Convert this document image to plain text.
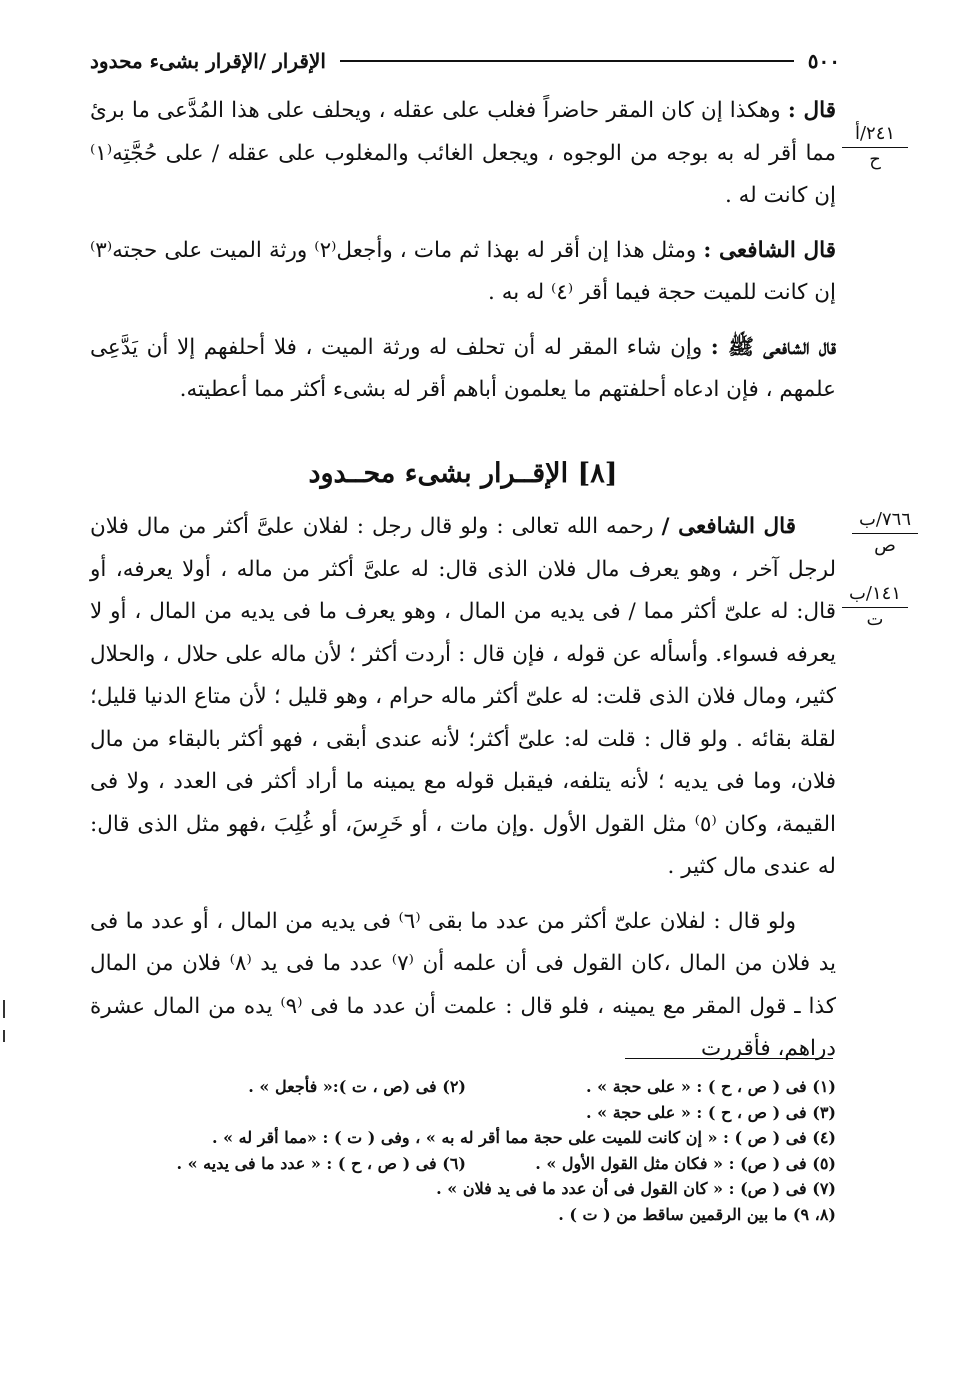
٥٠٠
الإقرار /الإقرار بشىء محدود
٢٤١/أ
ح
٧٦٦/ب
ص
١٤١/ب
ت

قال : وهكذا إن كان المقر حاضراً فغلب على عقله ، ويحلف على هذا المُدَّعى ما برئ مما أقر له به بوجه من الوجوه ، ويجعل الغائب والمغلوب على عقله / على حُجَّتِه⁽١⁾ إن كانت له .

قال الشافعى : ومثل هذا إن أقر له بهذا ثم مات ، وأجعل⁽٢⁾ ورثة الميت على حجته⁽٣⁾ إن كانت للميت حجة فيما أقر ⁽٤⁾ له به .

قال الشافعى ﷺ : وإن شاء المقر له أن تحلف له ورثة الميت ، فلا أحلفهم إلا أن يَدَّعِى علمهم ، فإن ادعاه أحلفتهم ما يعلمون أباهم أقر له بشىء أكثر مما أعطيته.

[٨] الإقــرار بشىء محــدود

قال الشافعى / رحمه الله تعالى : ولو قال رجل : لفلان علىَّ أكثر من مال فلان لرجل آخر ، وهو يعرف مال فلان الذى قال: له علىَّ أكثر من ماله ، أولا يعرفه، أو قال: له علىّ أكثر مما / فى يديه من المال ، وهو يعرف ما فى يديه من المال ، أو لا يعرفه فسواء. وأسأله عن قوله ، فإن قال : أردت أكثر ؛ لأن ماله على حلال ، والحلال كثير، ومال فلان الذى قلت: له علىّ أكثر ماله حرام ، وهو قليل ؛ لأن متاع الدنيا قليل؛ لقلة بقائه . ولو قال : قلت له: علىّ أكثر؛ لأنه عندى أبقى ، فهو أكثر بالبقاء من مال فلان، وما فى يديه ؛ لأنه يتلفه، فيقبل قوله مع يمينه ما أراد أكثر فى العدد ، ولا فى القيمة، وكان ⁽٥⁾ مثل القول الأول .وإن مات ، أو خَرِسَ، أو غُلِبَ ،فهو مثل الذى قال: له عندى مال كثير .

ولو قال : لفلان علىّ أكثر من عدد ما بقى ⁽٦⁾ فى يديه من المال ، أو عدد ما فى يد فلان من المال ،كان القول فى أن علمه أن ⁽٧⁾ عدد ما فى يد ⁽٨⁾ فلان من المال كذا ـ قول المقر مع يمينه ، فلو قال : علمت أن عدد ما فى ⁽٩⁾ يده من المال عشرة دراهم، فأقررت

(١) فى ( ص ، ح ) : « على حجة » .
(٢) فى (ص ، ت ):« فأجعل » .
(٣) فى ( ص ، ح ) : « على حجة » .
(٤) فى ( ص ) : « إن كانت للميت على حجة مما أقر له به » ، وفى ( ت ) : «مما أقر له » .
(٥) فى ( ص) : « فكان مثل القول الأول » .
(٦) فى ( ص ، ح ) : « عدد ما فى يديه » .
(٧) فى ( ص) : « كان القول فى أن عدد ما فى يد فلان » .
(٨، ٩) ما بين الرقمين ساقط من ( ت ) .
